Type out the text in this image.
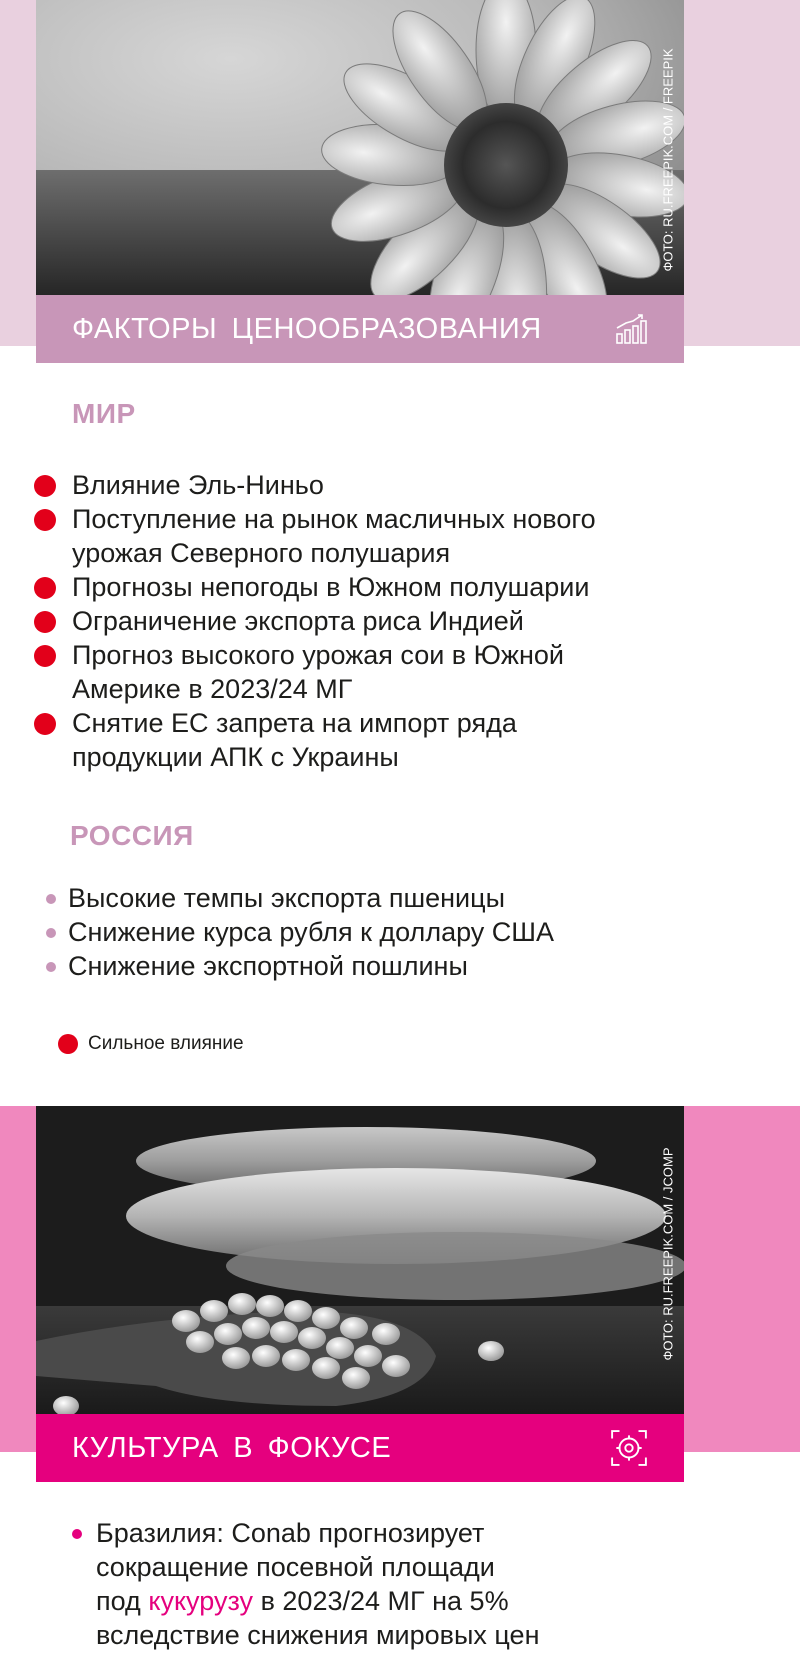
ФОТО: RU.FREEPIK.COM / FREEPIK
ФАКТОРЫ ЦЕНООБРАЗОВАНИЯ
МИР
Влияние Эль-Ниньо
Поступление на рынок масличных нового
урожая Северного полушария
Прогнозы непогоды в Южном полушарии
Ограничение экспорта риса Индией
Прогноз высокого урожая сои в Южной
Америке в 2023/24 МГ
Снятие ЕС запрета на импорт ряда
продукции АПК с Украины
РОССИЯ
Высокие темпы экспорта пшеницы
Снижение курса рубля к доллару США
Снижение экспортной пошлины
Сильное влияние
ФОТО: RU.FREEPIK.COM / JCOMP
КУЛЬТУРА В ФОКУСЕ
Бразилия: Conab прогнозирует
сокращение посевной площади
под кукурузу в 2023/24 МГ на 5%
вследствие снижения мировых цен
